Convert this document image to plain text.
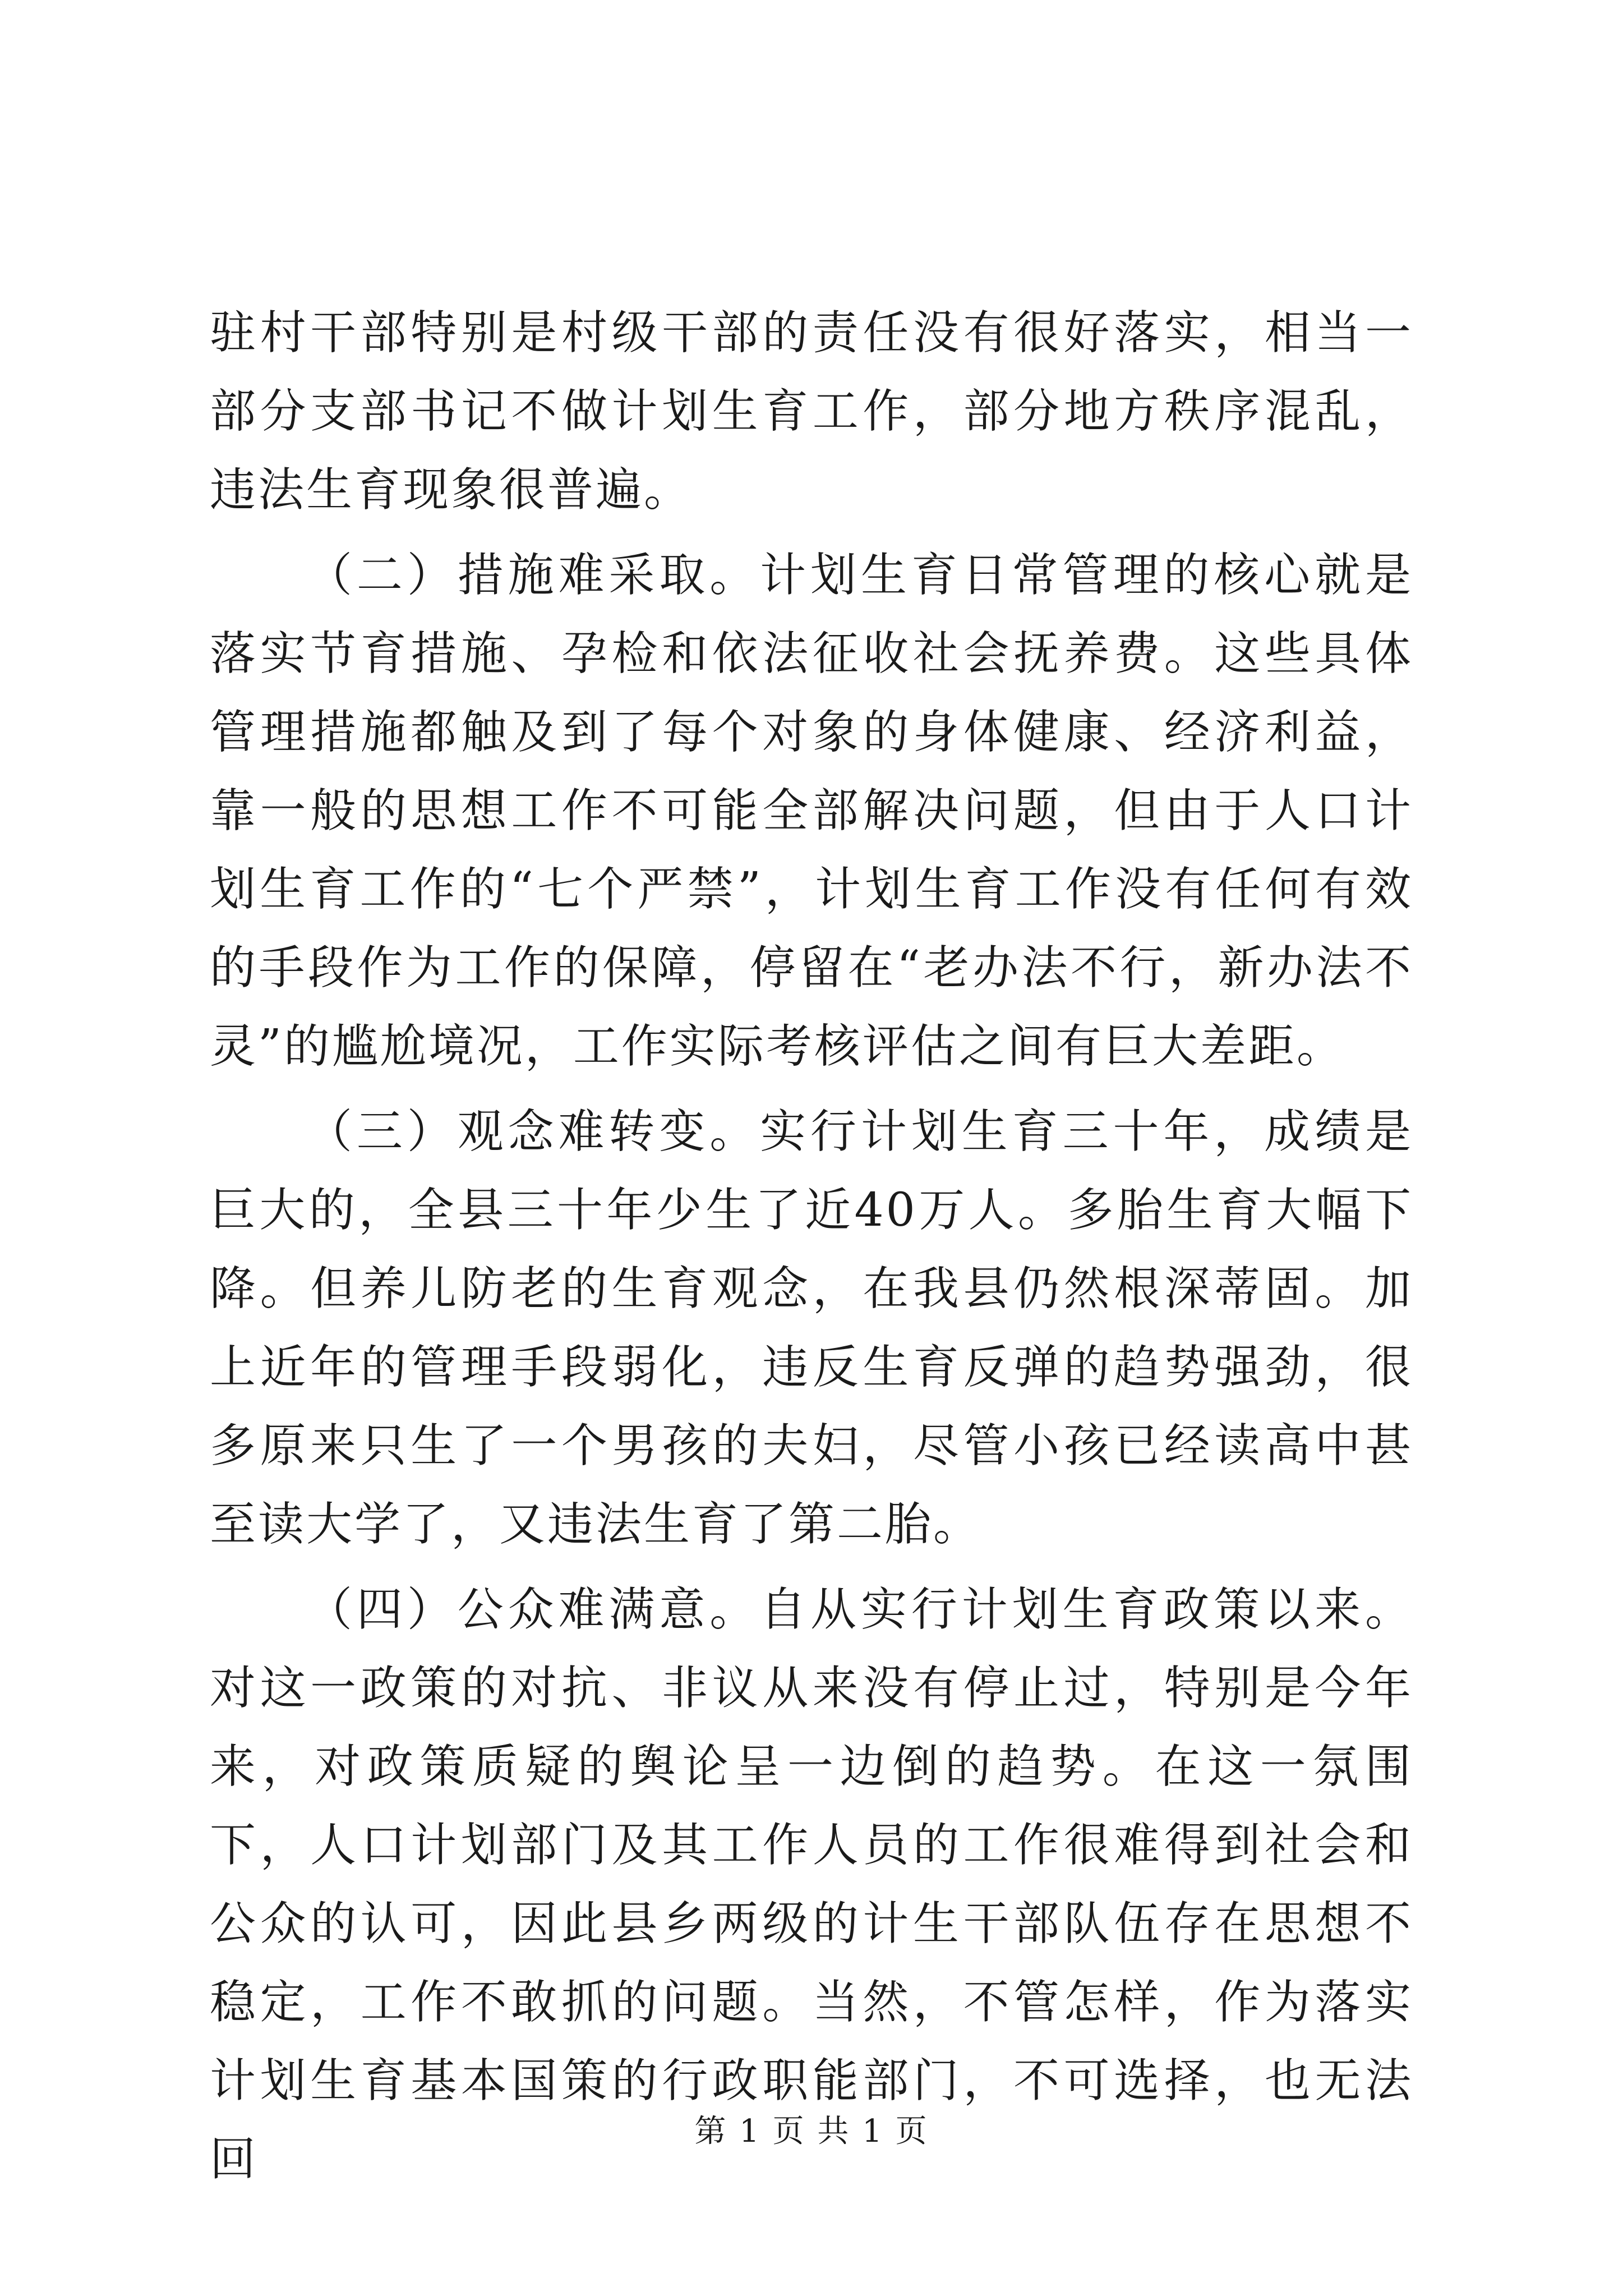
驻村干部特别是村级干部的责任没有很好落实，相当一部分支部书记不做计划生育工作，部分地方秩序混乱，违法生育现象很普遍。

（二）措施难采取。计划生育日常管理的核心就是落实节育措施、孕检和依法征收社会抚养费。这些具体管理措施都触及到了每个对象的身体健康、经济利益，靠一般的思想工作不可能全部解决问题，但由于人口计划生育工作的“七个严禁”，计划生育工作没有任何有效的手段作为工作的保障，停留在“老办法不行，新办法不灵”的尴尬境况，工作实际考核评估之间有巨大差距。

（三）观念难转变。实行计划生育三十年，成绩是巨大的，全县三十年少生了近40万人。多胎生育大幅下降。但养儿防老的生育观念，在我县仍然根深蒂固。加上近年的管理手段弱化，违反生育反弹的趋势强劲，很多原来只生了一个男孩的夫妇，尽管小孩已经读高中甚至读大学了，又违法生育了第二胎。

（四）公众难满意。自从实行计划生育政策以来。对这一政策的对抗、非议从来没有停止过，特别是今年来，对政策质疑的舆论呈一边倒的趋势。在这一氛围下，人口计划部门及其工作人员的工作很难得到社会和公众的认可，因此县乡两级的计生干部队伍存在思想不稳定，工作不敢抓的问题。当然，不管怎样，作为落实计划生育基本国策的行政职能部门，不可选择，也无法回

第 1 页 共 1 页
